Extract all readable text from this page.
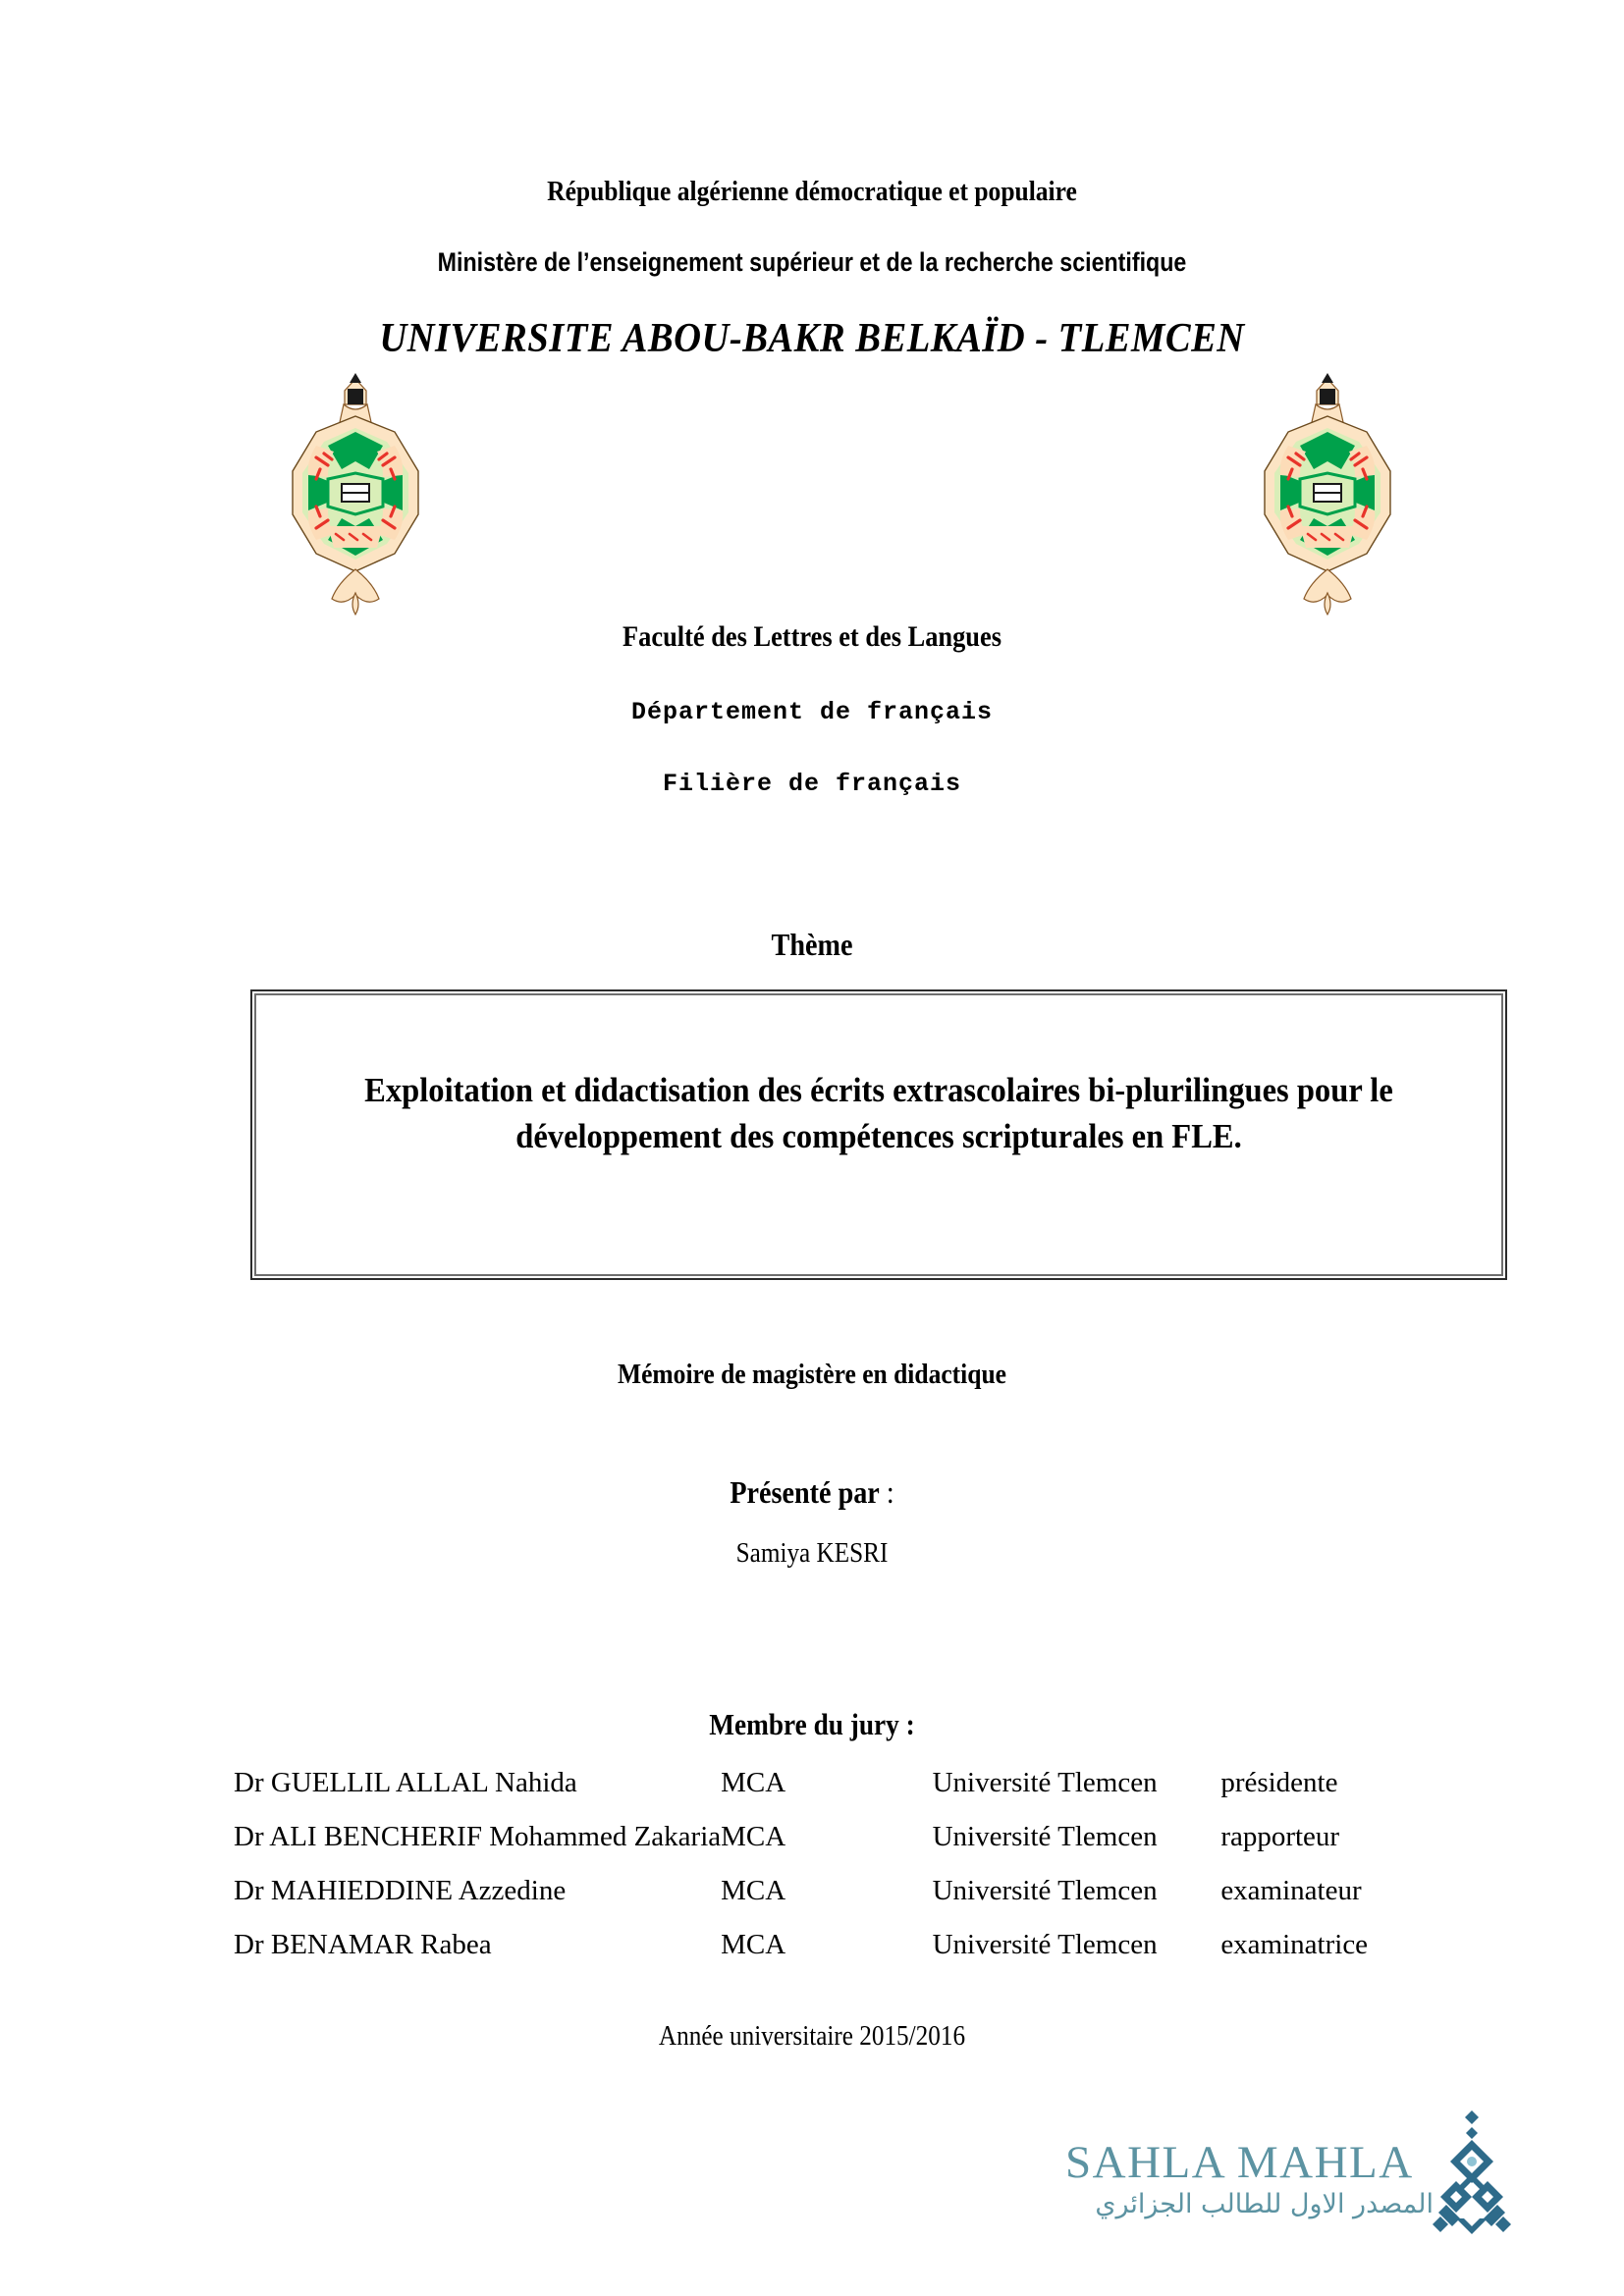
République algérienne démocratique et populaire
Ministère de l’enseignement supérieur et de la recherche scientifique
UNIVERSITE ABOU-BAKR BELKAÏD - TLEMCEN
Faculté des Lettres et des Langues
Département de français
Filière de français
Thème
Exploitation et didactisation des écrits extrascolaires bi-plurilingues pour le développement des compétences scripturales en FLE.
Mémoire de magistère en didactique
Présenté par :
Samiya KESRI
Membre du jury :
Dr GUELLIL ALLAL Nahida	MCA	Université Tlemcen	présidente
Dr ALI BENCHERIF Mohammed Zakaria	MCA	Université Tlemcen	rapporteur
Dr MAHIEDDINE Azzedine	MCA	Université Tlemcen	examinateur
Dr BENAMAR Rabea	MCA	Université Tlemcen	examinatrice
Année universitaire 2015/2016
SAHLA MAHLA
المصدر الاول للطالب الجزائري
